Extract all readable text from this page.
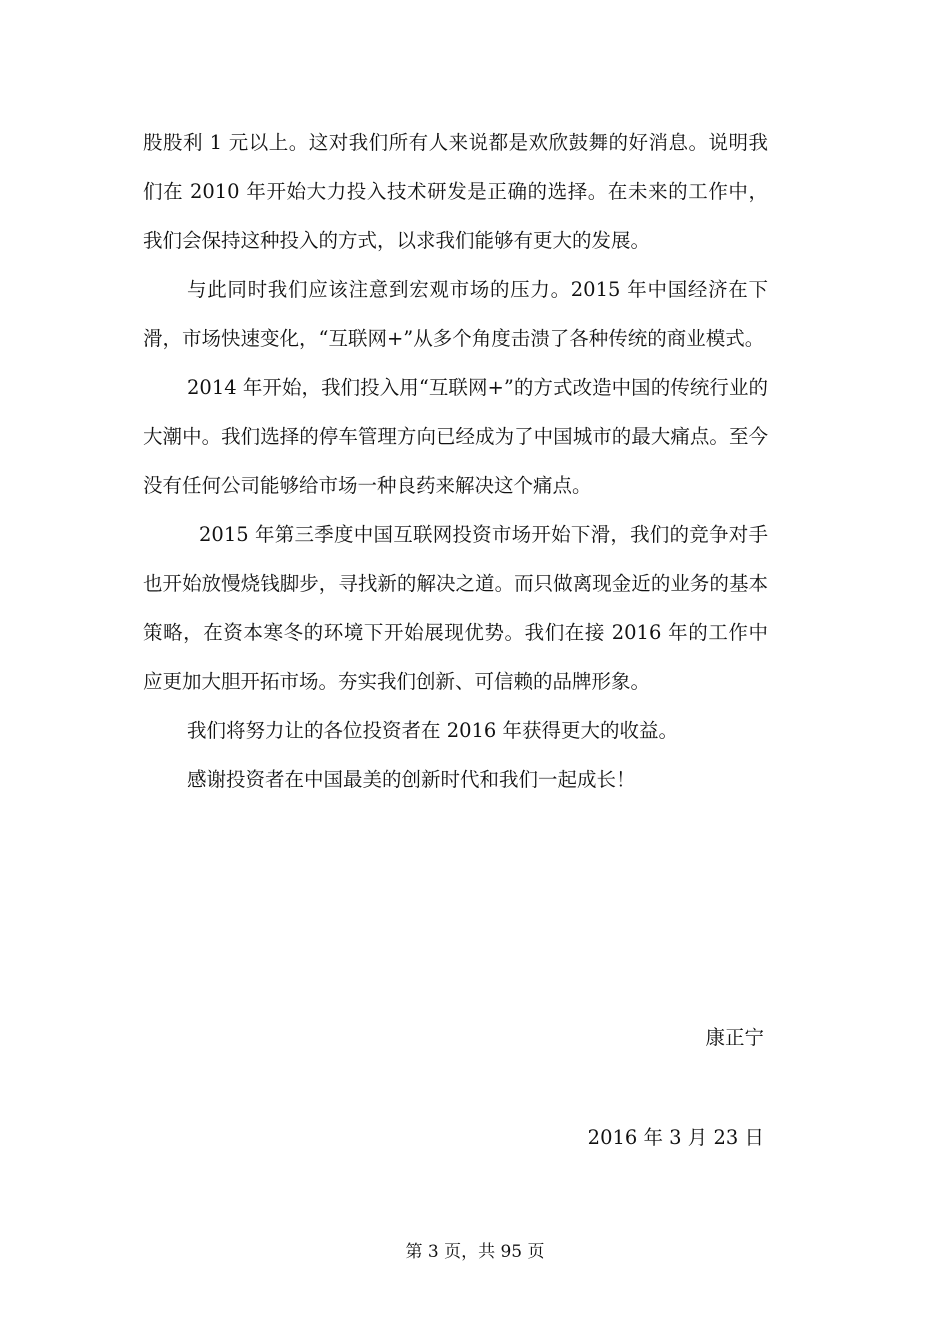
股股利 1 元以上。这对我们所有人来说都是欢欣鼓舞的好消息。说明我们在 2010 年开始大力投入技术研发是正确的选择。在未来的工作中，我们会保持这种投入的方式，以求我们能够有更大的发展。

与此同时我们应该注意到宏观市场的压力。2015 年中国经济在下滑，市场快速变化，“互联网+”从多个角度击溃了各种传统的商业模式。

2014 年开始，我们投入用“互联网+”的方式改造中国的传统行业的大潮中。我们选择的停车管理方向已经成为了中国城市的最大痛点。至今没有任何公司能够给市场一种良药来解决这个痛点。

2015 年第三季度中国互联网投资市场开始下滑，我们的竞争对手也开始放慢烧钱脚步，寻找新的解决之道。而只做离现金近的业务的基本策略，在资本寒冬的环境下开始展现优势。我们在接 2016 年的工作中应更加大胆开拓市场。夯实我们创新、可信赖的品牌形象。

我们将努力让的各位投资者在 2016 年获得更大的收益。

感谢投资者在中国最美的创新时代和我们一起成长！

康正宁
2016 年 3 月 23 日
第 3 页，共 95 页
